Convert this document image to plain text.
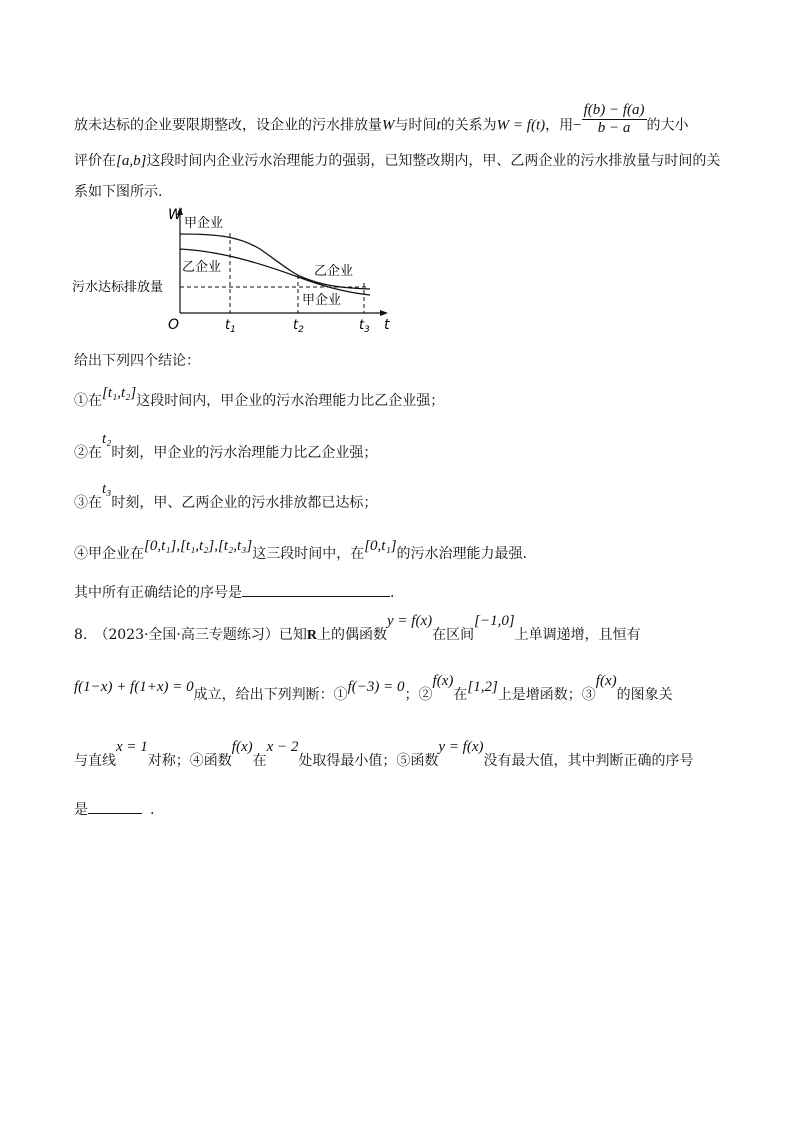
放未达标的企业要限期整改，设企业的污水排放量W与时间t的关系为W = f(t)，用− $\frac{f(b) - f(a)}{b - a}$ 的大小
评价在[a,b]这段时间内企业污水治理能力的强弱，已知整改期内，甲、乙两企业的污水排放量与时间的关
系如下图所示.
W
甲企业
乙企业	乙企业
甲企业
污水达标排放量
O	$t_1$	$t_2$	$t_3$ t
给出下列四个结论：
①在[t₁,t₂]这段时间内，甲企业的污水治理能力比乙企业强；
②在t₂时刻，甲企业的污水治理能力比乙企业强；
③在t₃时刻，甲、乙两企业的污水排放都已达标；
④甲企业在[0,t₁],[t₁,t₂],[t₂,t₃]这三段时间中，在[0,t₁]的污水治理能力最强.
其中所有正确结论的序号是	.
8.　（2023·全国·高三专题练习）已知R上的偶函数y = f(x)在区间[−1,0]上单调递增，且恒有
f(1−x) + f(1+x) = 0成立，给出下列判断：①f(−3) = 0；②f(x)在[1,2]上是增函数；③f(x)的图象关
与直线x = 1对称；④函数f(x)在x − 2处取得最小值；⑤函数y = f(x)没有最大值，其中判断正确的序号
是	.
